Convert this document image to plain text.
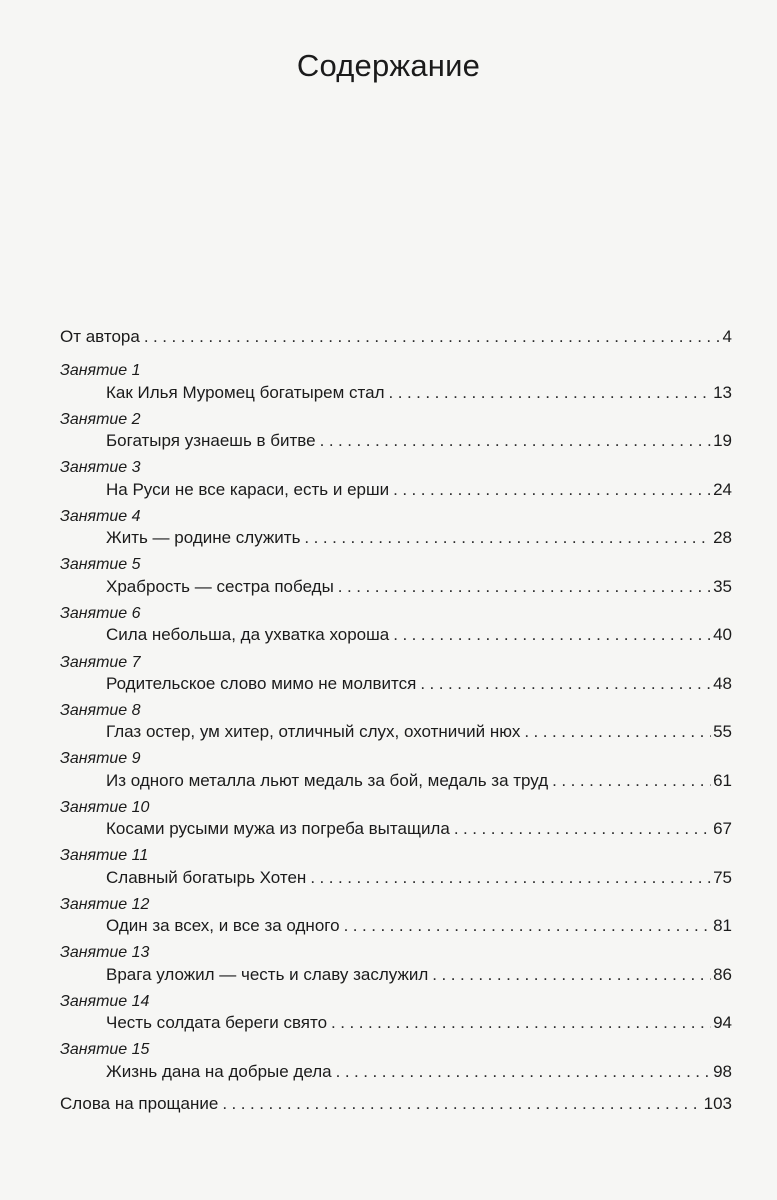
Содержание
От автора .....	4
Занятие 1
Как Илья Муромец богатырем стал .....	13
Занятие 2
Богатыря узнаешь в битве .....	19
Занятие 3
На Руси не все караси, есть и ерши .....	24
Занятие 4
Жить — родине служить .....	28
Занятие 5
Храбрость — сестра победы .....	35
Занятие 6
Сила небольша, да ухватка хороша .....	40
Занятие 7
Родительское слово мимо не молвится .....	48
Занятие 8
Глаз остер, ум хитер, отличный слух, охотничий нюх .....	55
Занятие 9
Из одного металла льют медаль за бой, медаль за труд .....	61
Занятие 10
Косами русыми мужа из погреба вытащила .....	67
Занятие 11
Славный богатырь Хотен .....	75
Занятие 12
Один за всех, и все за одного .....	81
Занятие 13
Врага уложил — честь и славу заслужил .....	86
Занятие 14
Честь солдата береги свято .....	94
Занятие 15
Жизнь дана на добрые дела .....	98
Слова на прощание .....	103
